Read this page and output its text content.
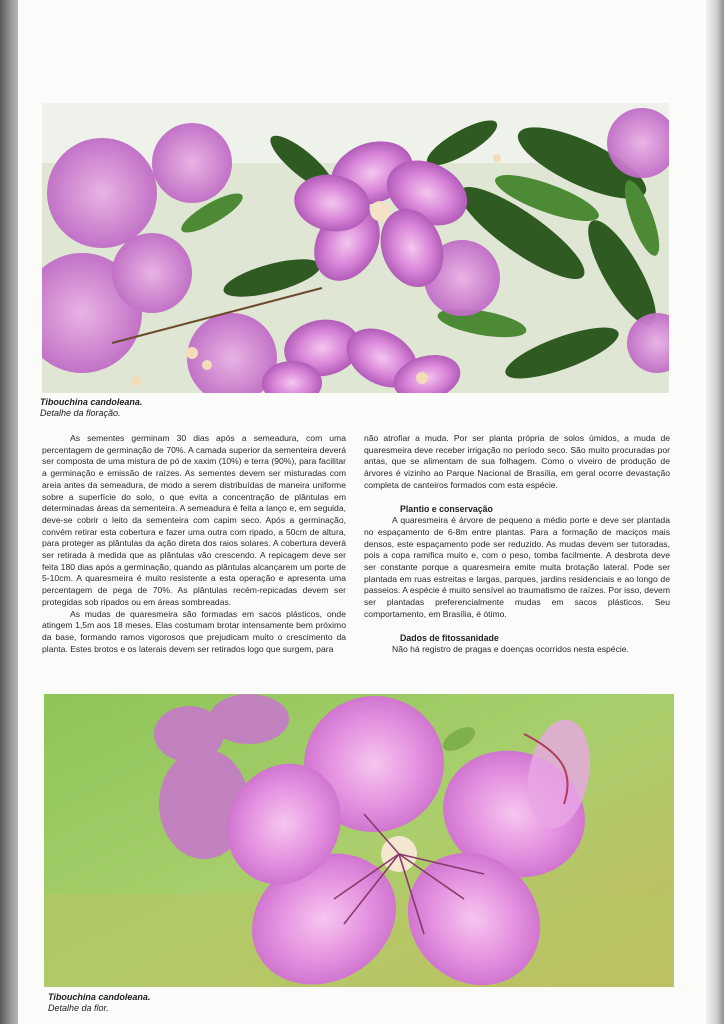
Tibouchina candoleana.
Detalhe da floração.

As sementes germinam 30 dias após a semeadura, com uma percentagem de germinação de 70%. A camada superior da sementeira deverá ser composta de uma mistura de pó de xaxim (10%) e terra (90%), para facilitar a germinação e emissão de raízes. As sementes devem ser misturadas com areia antes da semeadura, de modo a serem distribuídas de maneira uniforme sobre a superfície do solo, o que evita a concentração de plântulas em determinadas áreas da sementeira. A semeadura é feita a lanço e, em seguida, deve-se cobrir o leito da sementeira com capim seco. Após a germinação, convém retirar esta cobertura e fazer uma outra com ripado, a 50cm de altura, para proteger as plântulas da ação direta dos raios solares. A cobertura deverá ser retirada à medida que as plântulas vão crescendo. A repicagem deve ser feita 180 dias após a germinação, quando as plântulas alcançarem um porte de 5-10cm. A quaresmeira é muito resistente a esta operação e apresenta uma percentagem de pega de 70%. As plântulas recém-repicadas devem ser protegidas sob ripados ou em áreas sombreadas.

As mudas de quaresmeira são formadas em sacos plásticos, onde atingem 1,5m aos 18 meses. Elas costumam brotar intensamente bem próximo da base, formando ramos vigorosos que prejudicam muito o crescimento da planta. Estes brotos e os laterais devem ser retirados logo que surgem, para

não atrofiar a muda. Por ser planta própria de solos úmidos, a muda de quaresmeira deve receber irrigação no período seco. São muito procuradas por antas, que se alimentam de sua folhagem. Como o viveiro de produção de árvores é vizinho ao Parque Nacional de Brasília, em geral ocorre devastação completa de canteiros formados com esta espécie.

Plantio e conservação

A quaresmeira é árvore de pequeno a médio porte e deve ser plantada no espaçamento de 6-8m entre plantas. Para a formação de maciços mais densos, este espaçamento pode ser reduzido. As mudas devem ser tutoradas, pois a copa ramifica muito e, com o peso, tomba facilmente. A desbrota deve ser constante porque a quaresmeira emite muita brotação lateral. Pode ser plantada em ruas estreitas e largas, parques, jardins residenciais e ao longo de passeios. A espécie é muito sensível ao traumatismo de raízes. Por isso, devem ser plantadas preferencialmente mudas em sacos plásticos. Seu comportamento, em Brasília, é ótimo.

Dados de fitossanidade

Não há registro de pragas e doenças ocorridos nesta espécie.

Tibouchina candoleana.
Detalhe da flor.
